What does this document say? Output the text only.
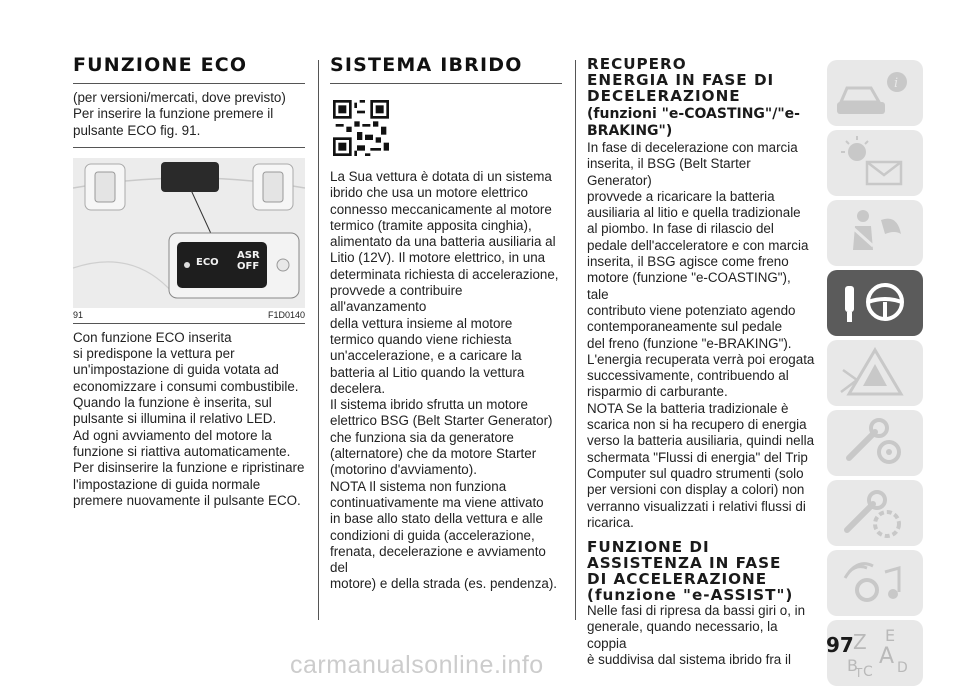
FUNZIONE ECO

(per versioni/mercati, dove previsto)

Per inserire la funzione premere il

pulsante ECO fig. 91.

ECO
ASR
OFF
91	F1D0140

Con funzione ECO inserita

si predispone la vettura per

un'impostazione di guida votata ad

economizzare i consumi combustibile.

Quando la funzione è inserita, sul

pulsante si illumina il relativo LED.

Ad ogni avviamento del motore la

funzione si riattiva automaticamente.

Per disinserire la funzione e ripristinare

l'impostazione di guida normale

premere nuovamente il pulsante ECO.

SISTEMA IBRIDO

La Sua vettura è dotata di un sistema

ibrido che usa un motore elettrico

connesso meccanicamente al motore

termico (tramite apposita cinghia),

alimentato da una batteria ausiliaria al

Litio (12V). Il motore elettrico, in una

determinata richiesta di accelerazione,

provvede a contribuire all'avanzamento

della vettura insieme al motore

termico quando viene richiesta

un'accelerazione, e a caricare la

batteria al Litio quando la vettura

decelera.

Il sistema ibrido sfrutta un motore

elettrico BSG (Belt Starter Generator)

che funziona sia da generatore

(alternatore) che da motore Starter

(motorino d'avviamento).

NOTA Il sistema non funziona

continuativamente ma viene attivato

in base allo stato della vettura e alle

condizioni di guida (accelerazione,

frenata, decelerazione e avviamento del

motore) e della strada (es. pendenza).

RECUPERO
ENERGIA IN FASE DI
DECELERAZIONE
(funzioni "e-COASTING"/"e-
BRAKING")

In fase di decelerazione con marcia

inserita, il BSG (Belt Starter Generator)

provvede a ricaricare la batteria

ausiliaria al litio e quella tradizionale

al piombo. In fase di rilascio del

pedale dell'acceleratore e con marcia

inserita, il BSG agisce come freno

motore (funzione "e-COASTING"), tale

contributo viene potenziato agendo

contemporaneamente sul pedale

del freno (funzione "e-BRAKING").

L'energia recuperata verrà poi erogata

successivamente, contribuendo al

risparmio di carburante.

NOTA Se la batteria tradizionale è

scarica non si ha recupero di energia

verso la batteria ausiliaria, quindi nella

schermata "Flussi di energia" del Trip

Computer sul quadro strumenti (solo

per versioni con display a colori) non

verranno visualizzati i relativi flussi di

ricarica.

FUNZIONE DI
ASSISTENZA IN FASE
DI ACCELERAZIONE
(funzione "e-ASSIST")

Nelle fasi di ripresa da bassi giri o, in

generale, quando necessario, la coppia

è suddivisa dal sistema ibrido fra il

i
Z E
B A
C
T D
97
carmanualsonline.info
